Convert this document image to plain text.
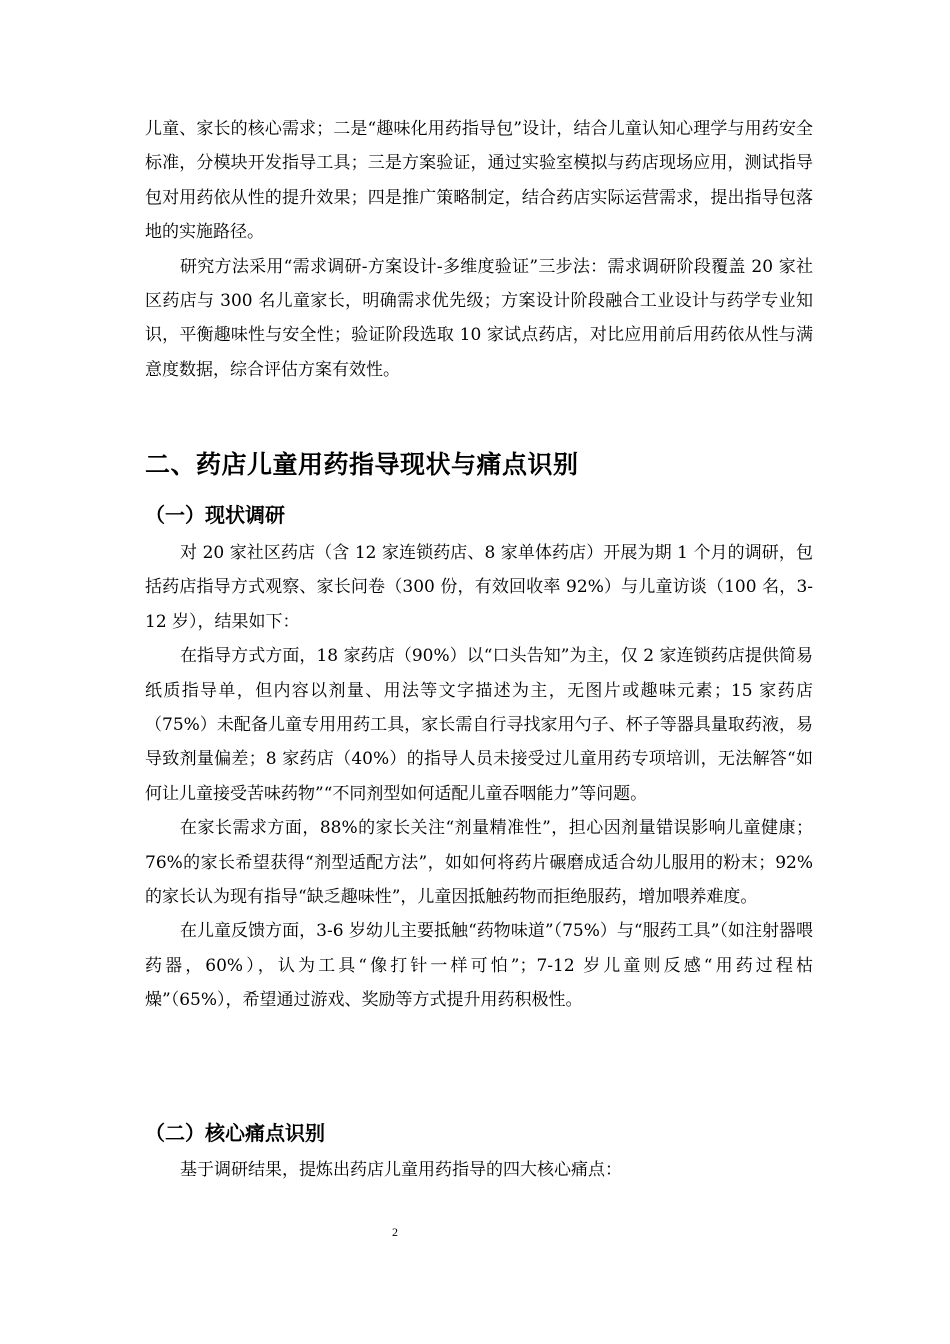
儿童、家长的核心需求；二是“趣味化用药指导包”设计，结合儿童认知心理学与用药安全标准，分模块开发指导工具；三是方案验证，通过实验室模拟与药店现场应用，测试指导包对用药依从性的提升效果；四是推广策略制定，结合药店实际运营需求，提出指导包落地的实施路径。

研究方法采用“需求调研-方案设计-多维度验证”三步法：需求调研阶段覆盖 20 家社区药店与 300 名儿童家长，明确需求优先级；方案设计阶段融合工业设计与药学专业知识，平衡趣味性与安全性；验证阶段选取 10 家试点药店，对比应用前后用药依从性与满意度数据，综合评估方案有效性。

二、药店儿童用药指导现状与痛点识别
（一）现状调研

对 20 家社区药店（含 12 家连锁药店、8 家单体药店）开展为期 1 个月的调研，包括药店指导方式观察、家长问卷（300 份，有效回收率 92%）与儿童访谈（100 名，3-12 岁），结果如下：

在指导方式方面，18 家药店（90%）以“口头告知”为主，仅 2 家连锁药店提供简易纸质指导单，但内容以剂量、用法等文字描述为主，无图片或趣味元素；15 家药店（75%）未配备儿童专用用药工具，家长需自行寻找家用勺子、杯子等器具量取药液，易导致剂量偏差；8 家药店（40%）的指导人员未接受过儿童用药专项培训，无法解答“如何让儿童接受苦味药物”“不同剂型如何适配儿童吞咽能力”等问题。

在家长需求方面，88%的家长关注“剂量精准性”，担心因剂量错误影响儿童健康；76%的家长希望获得“剂型适配方法”，如如何将药片碾磨成适合幼儿服用的粉末；92%的家长认为现有指导“缺乏趣味性”，儿童因抵触药物而拒绝服药，增加喂养难度。

在儿童反馈方面，3-6 岁幼儿主要抵触“药物味道”（75%）与“服药工具”（如注射器喂药器，60%），认为工具“像打针一样可怕”；7-12 岁儿童则反感“用药过程枯燥”（65%），希望通过游戏、奖励等方式提升用药积极性。

（二）核心痛点识别

基于调研结果，提炼出药店儿童用药指导的四大核心痛点：

2
